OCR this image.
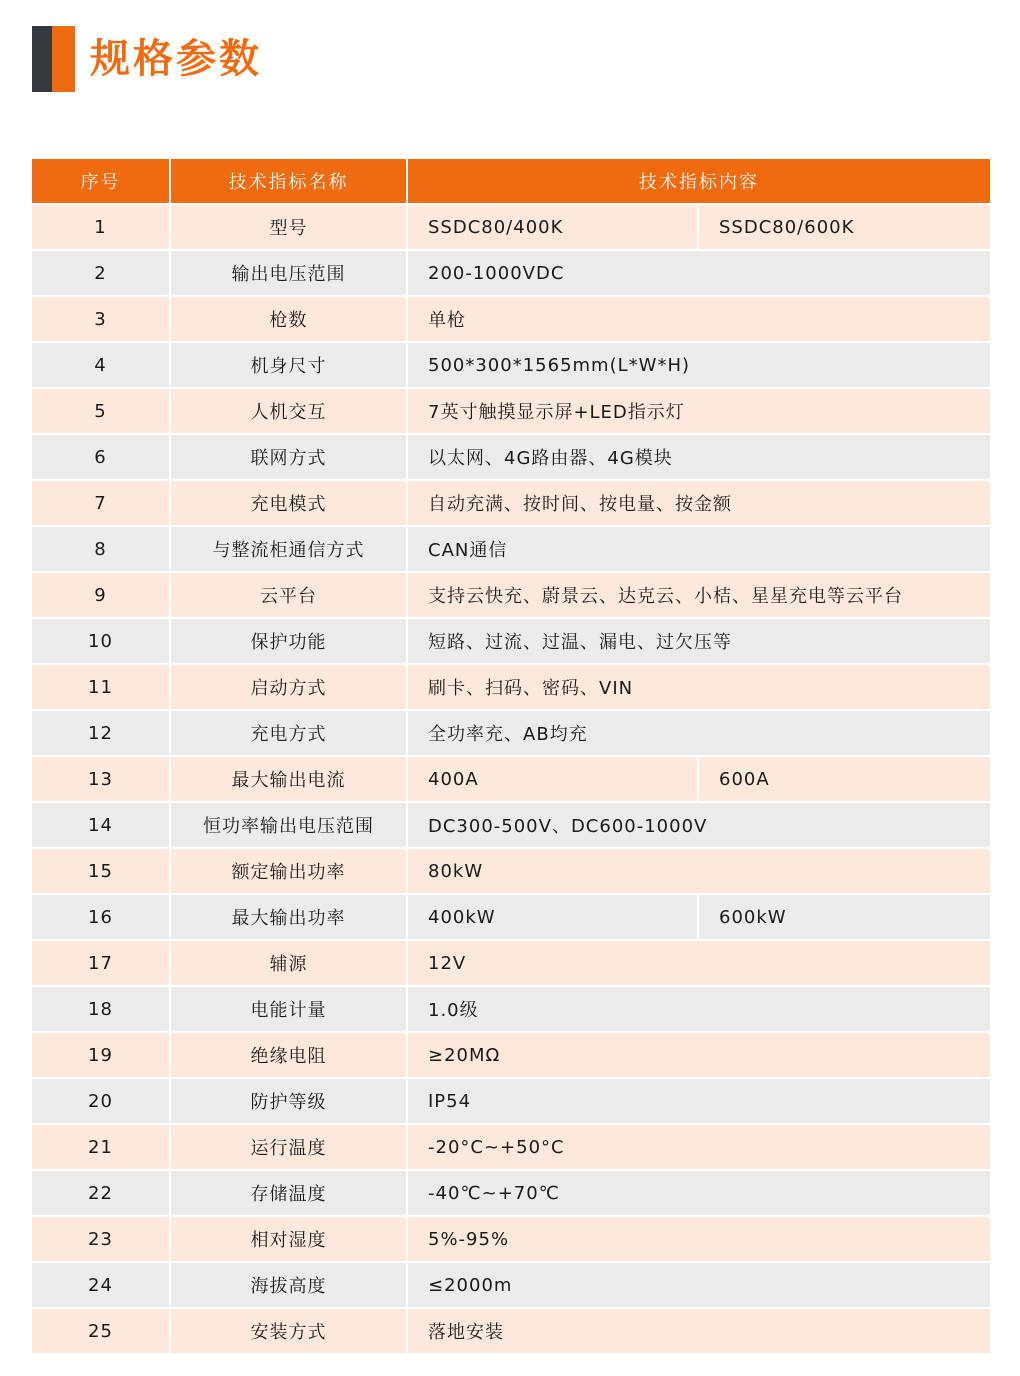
规格参数
序号	技术指标名称	技术指标内容	
1	型号	SSDC80/400K	SSDC80/600K
2	输出电压范围	200-1000VDC	
3	枪数	单枪	
4	机身尺寸	500*300*1565mm(L*W*H)	
5	人机交互	7英寸触摸显示屏+LED指示灯	
6	联网方式	以太网、4G路由器、4G模块	
7	充电模式	自动充满、按时间、按电量、按金额	
8	与整流柜通信方式	CAN通信	
9	云平台	支持云快充、蔚景云、达克云、小桔、星星充电等云平台	
10	保护功能	短路、过流、过温、漏电、过欠压等	
11	启动方式	刷卡、扫码、密码、VIN	
12	充电方式	全功率充、AB均充	
13	最大输出电流	400A	600A
14	恒功率输出电压范围	DC300-500V、DC600-1000V	
15	额定输出功率	80kW	
16	最大输出功率	400kW	600kW
17	辅源	12V	
18	电能计量	1.0级	
19	绝缘电阻	≥20MΩ	
20	防护等级	IP54	
21	运行温度	-20°C~+50°C	
22	存储温度	-40℃~+70℃	
23	相对湿度	5%-95%	
24	海拔高度	≤2000m	
25	安装方式	落地安装	
